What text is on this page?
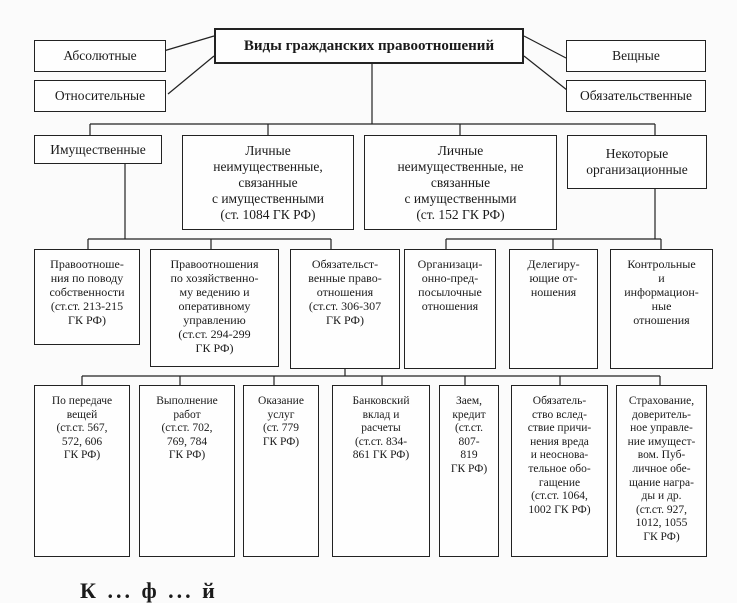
Виды гражданских правоотношений
Абсолютные
Относительные
Вещные
Обязательственные
Имущественные	Личные
неимущественные,
связанные
с имущественными
(ст. 1084 ГК РФ)
Личные
неимущественные, не
связанные
с имущественными
(ст. 152 ГК РФ)
Некоторые
организационные
Правоотноше-
ния по поводу
собственности
(ст.ст. 213-215
ГК РФ)
Правоотношения
по хозяйственно-
му ведению и
оперативному
управлению
(ст.ст. 294-299
ГК РФ)
Обязательст-
венные право-
отношения
(ст.ст. 306-307
ГК РФ)
Организаци-
онно-пред-
посылочные
отношения
Делегиру-
ющие от-
ношения
Контрольные
и
информацион-
ные
отношения
По передаче
вещей
(ст.ст. 567,
572, 606
ГК РФ)
Выполнение
работ
(ст.ст. 702,
769, 784
ГК РФ)
Оказание
услуг
(ст. 779
ГК РФ)
Банковский
вклад и
расчеты
(ст.ст. 834-
861 ГК РФ)
Заем,
кредит
(ст.ст.
807-
819
ГК РФ)
Обязатель-
ство вслед-
ствие причи-
нения вреда
и неоснова-
тельное обо-
гащение
(ст.ст. 1064,
1002 ГК РФ)
Страхование,
доверитель-
ное управле-
ние имущест-
вом. Пуб-
личное обе-
щание награ-
ды и др.
(ст.ст. 927,
1012, 1055
ГК РФ)
К ... ф ... й
